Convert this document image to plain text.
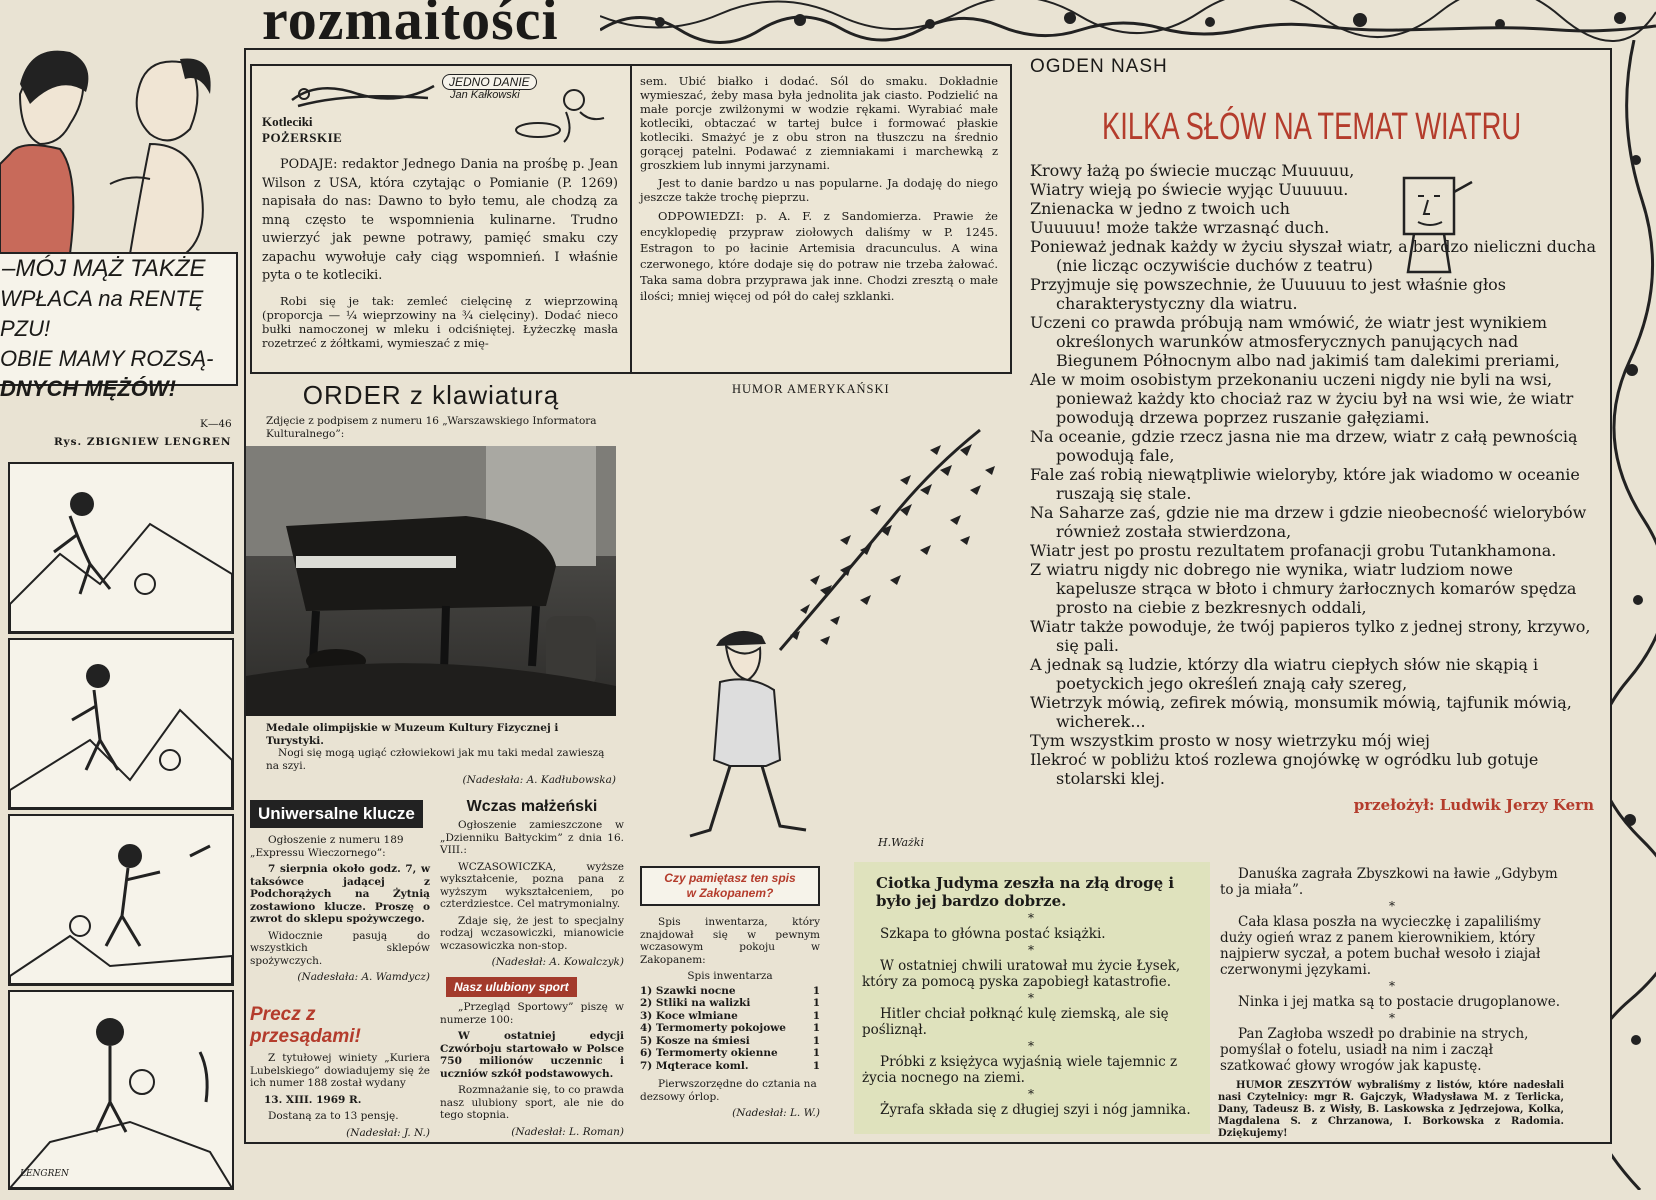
rozmaitości
–MÓJ MĄŻ TAKŻE
WPŁACA na RENTĘ PZU!
OBIE MAMY ROZSĄ-
DNYCH MĘŻÓW!
K—46
Rys. ZBIGNIEW LENGREN
LENGREN
JEDNO DANIE
Jan Kałkowski
Kotleciki
POŻERSKIE

PODAJE: redaktor Jednego Dania na prośbę p. Jean Wilson z USA, która czytając o Pomianie (P. 1269) napisała do nas: Dawno to było temu, ale chodzą za mną często te wspomnienia kulinarne. Trudno uwierzyć jak pewne potrawy, pamięć smaku czy zapachu wywołuje cały ciąg wspomnień. I właśnie pyta o te kotleciki.

Robi się je tak: zemleć cielęcinę z wieprzowiną (proporcja — ¼ wieprzowiny na ¾ cielęciny). Dodać nieco bułki namoczonej w mleku i odciśniętej. Łyżeczkę masła rozetrzeć z żółtkami, wymieszać z mię-

sem. Ubić białko i dodać. Sól do smaku. Dokładnie wymieszać, żeby masa była jednolita jak ciasto. Podzielić na małe porcje zwilżonymi w wodzie rękami. Wyrabiać małe kotleciki, obtaczać w tartej bułce i formować płaskie kotleciki. Smażyć je z obu stron na tłuszczu na średnio gorącej patelni. Podawać z ziemniakami i marchewką z groszkiem lub innymi jarzynami.

Jest to danie bardzo u nas popularne. Ja dodaję do niego jeszcze także trochę pieprzu.

ODPOWIEDZI: p. A. F. z Sandomierza. Prawie że encyklopedię przypraw ziołowych daliśmy w P. 1245. Estragon to po łacinie Artemisia dracunculus. A wina czerwonego, które dodaje się do potraw nie trzeba żałować. Taka sama dobra przyprawa jak inne. Chodzi zresztą o małe ilości; mniej więcej od pół do całej szklanki.

ORDER z klawiaturą
Zdjęcie z podpisem z numeru 16 „Warszawskiego Informatora Kulturalnego”:
Medale olimpijskie w Muzeum Kultury Fizycznej i Turystyki.
Nogi się mogą ugiąć człowiekowi jak mu taki medal zawieszą na szyi.
(Nadesłała: A. Kadłubowska)
Uniwersalne klucze

Ogłoszenie z numeru 189 „Expressu Wieczornego”:

7 sierpnia około godz. 7, w taksówce jadącej z Podchorążych na Żytnią zostawiono klucze. Proszę o zwrot do sklepu spożywczego.

Widocznie pasują do wszystkich sklepów spożywczych.

(Nadesłała: A. Wamdycz)
Precz z przesądami!

Z tytułowej winiety „Kuriera Lubelskiego” dowiadujemy się że ich numer 188 został wydany

13. XIII. 1969 R.

Dostaną za to 13 pensję.

(Nadesłał: J. N.)
Wczas małżeński

Ogłoszenie zamieszczone w „Dzienniku Bałtyckim” z dnia 16. VIII.:

WCZASOWICZKA, wyższe wykształcenie, pozna pana z wyższym wykształceniem, po czterdziestce. Cel matrymonialny.

Zdaje się, że jest to specjalny rodzaj wczasowiczki, mianowicie wczasowiczka non-stop.

(Nadesłał: A. Kowalczyk)
Nasz ulubiony sport

„Przegląd Sportowy” piszę w numerze 100:

W ostatniej edycji Czwórboju startowało w Polsce 750 milionów uczennic i uczniów szkół podstawowych.

Rozmnażanie się, to co prawda nasz ulubiony sport, ale nie do tego stopnia.

(Nadesłał: L. Roman)
HUMOR AMERYKAŃSKI
H.Ważki
Czy pamiętasz ten spis
w Zakopanem?

Spis inwentarza, który znajdował się w pewnym wczasowym pokoju w Zakopanem:

Spis inwentarza
1) Szawki nocne	1
2) Stliki na walizki	1
3) Koce wlmiane	1
4) Termomerty pokojowe	1
5) Kosze na śmiesi	1
6) Termomerty okienne	1
7) Mqterace koml.	1

Pierwszorzędne do cztania na dezsowy órlop.

(Nadesłał: L. W.)
OGDEN NASH
KILKA SŁÓW NA TEMAT WIATRU

Krowy łażą po świecie mucząc Muuuuu,

Wiatry wieją po świecie wyjąc Uuuuuu.

Znienacka w jedno z twoich uch

Uuuuuu! może także wrzasnąć duch.

Ponieważ jednak każdy w życiu słyszał wiatr, a bardzo nieliczni ducha (nie licząc oczywiście duchów z teatru)

Przyjmuje się powszechnie, że Uuuuuu to jest właśnie głos charakterystyczny dla wiatru.

Uczeni co prawda próbują nam wmówić, że wiatr jest wynikiem określonych warunków atmosferycznych panujących nad Biegunem Północnym albo nad jakimiś tam dalekimi preriami,

Ale w moim osobistym przekonaniu uczeni nigdy nie byli na wsi, ponieważ każdy kto chociaż raz w życiu był na wsi wie, że wiatr powodują drzewa poprzez ruszanie gałęziami.

Na oceanie, gdzie rzecz jasna nie ma drzew, wiatr z całą pewnością powodują fale,

Fale zaś robią niewątpliwie wieloryby, które jak wiadomo w oceanie ruszają się stale.

Na Saharze zaś, gdzie nie ma drzew i gdzie nieobecność wielorybów również została stwierdzona,

Wiatr jest po prostu rezultatem profanacji grobu Tutankhamona.

Z wiatru nigdy nic dobrego nie wynika, wiatr ludziom nowe kapelusze strąca w błoto i chmury żarłocznych komarów spędza prosto na ciebie z bezkresnych oddali,

Wiatr także powoduje, że twój papieros tylko z jednej strony, krzywo, się pali.

A jednak są ludzie, którzy dla wiatru ciepłych słów nie skąpią i poetyckich jego określeń znają cały szereg,

Wietrzyk mówią, zefirek mówią, monsumik mówią, tajfunik mówią, wicherek...

Tym wszystkim prosto w nosy wietrzyku mój wiej

Ilekroć w pobliżu ktoś rozlewa gnojówkę w ogródku lub gotuje stolarski klej.

przełożył: Ludwik Jerzy Kern

Ciotka Judyma zeszła na złą drogę i było jej bardzo dobrze.

*

Szkapa to główna postać książki.

*

W ostatniej chwili uratował mu życie Łysek, który za pomocą pyska zapobiegł katastrofie.

*

Hitler chciał połknąć kulę ziemską, ale się pośliznął.

*

Próbki z księżyca wyjaśnią wiele tajemnic z życia nocnego na ziemi.

*

Żyrafa składa się z długiej szyi i nóg jamnika.

Danuśka zagrała Zbyszkowi na ławie „Gdybym to ja miała”.

*

Cała klasa poszła na wycieczkę i zapaliliśmy duży ogień wraz z panem kierownikiem, który najpierw syczał, a potem buchał wesoło i ziajał czerwonymi językami.

*

Ninka i jej matka są to postacie drugoplanowe.

*

Pan Zagłoba wszedł po drabinie na strych, pomyślał o fotelu, usiadł na nim i zaczął szatkować głowy wrogów jak kapustę.

HUMOR ZESZYTÓW wybraliśmy z listów, które nadesłali nasi Czytelnicy: mgr R. Gajczyk, Władysława M. z Terlicka, Dany, Tadeusz B. z Wisły, B. Laskowska z Jędrzejowa, Kolka, Magdalena S. z Chrzanowa, I. Borkowska z Radomia. Dziękujemy!
